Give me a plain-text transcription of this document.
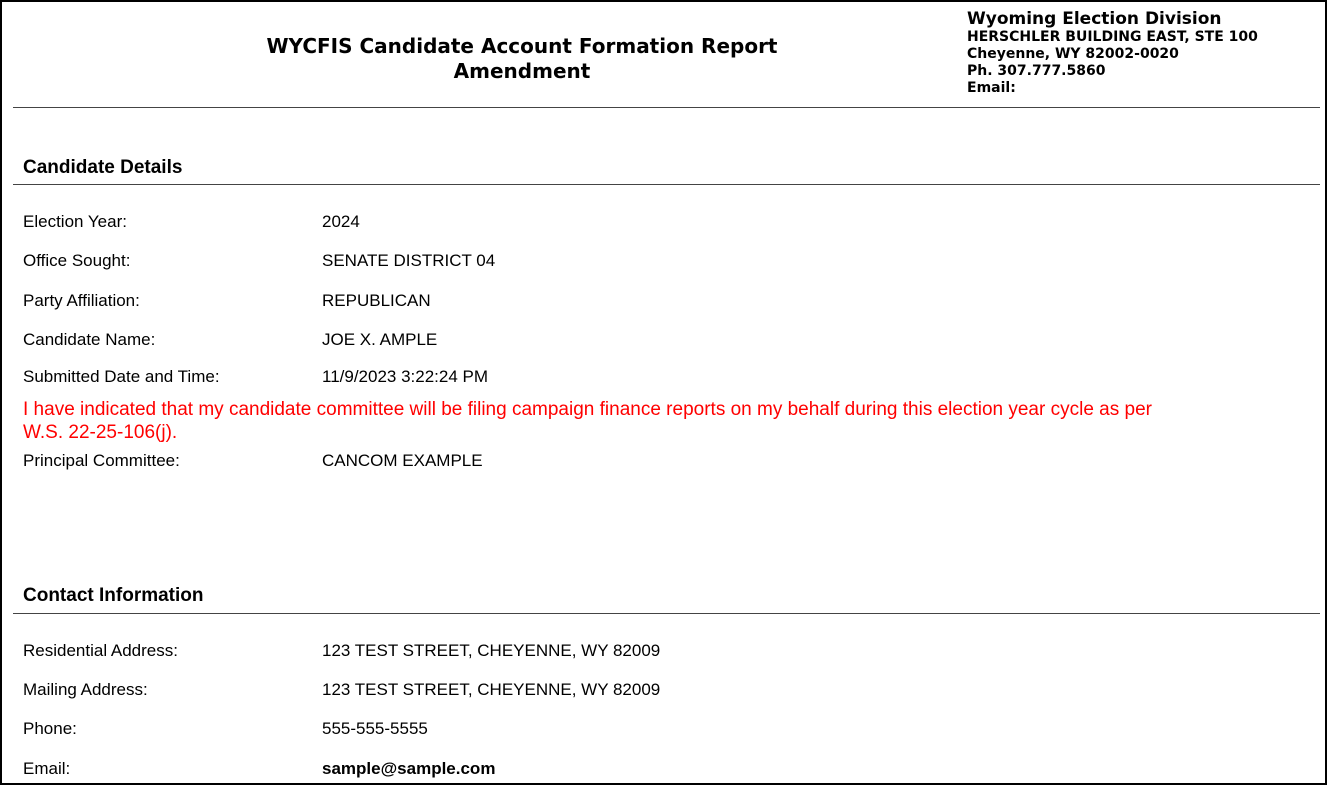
WYCFIS Candidate Account Formation Report
Amendment
Wyoming Election Division
HERSCHLER BUILDING EAST, STE 100
Cheyenne, WY 82002-0020
Ph. 307.777.5860
Email:
Candidate Details
Election Year:	2024
Office Sought:	SENATE DISTRICT 04
Party Affiliation:	REPUBLICAN
Candidate Name:	JOE X. AMPLE
Submitted Date and Time:	11/9/2023 3:22:24 PM
I have indicated that my candidate committee will be filing campaign finance reports on my behalf during this election year cycle as per W.S. 22-25-106(j).
Principal Committee:	CANCOM EXAMPLE
Contact Information
Residential Address:	123 TEST STREET, CHEYENNE, WY 82009
Mailing Address:	123 TEST STREET, CHEYENNE, WY 82009
Phone:	555-555-5555
Email:	sample@sample.com
